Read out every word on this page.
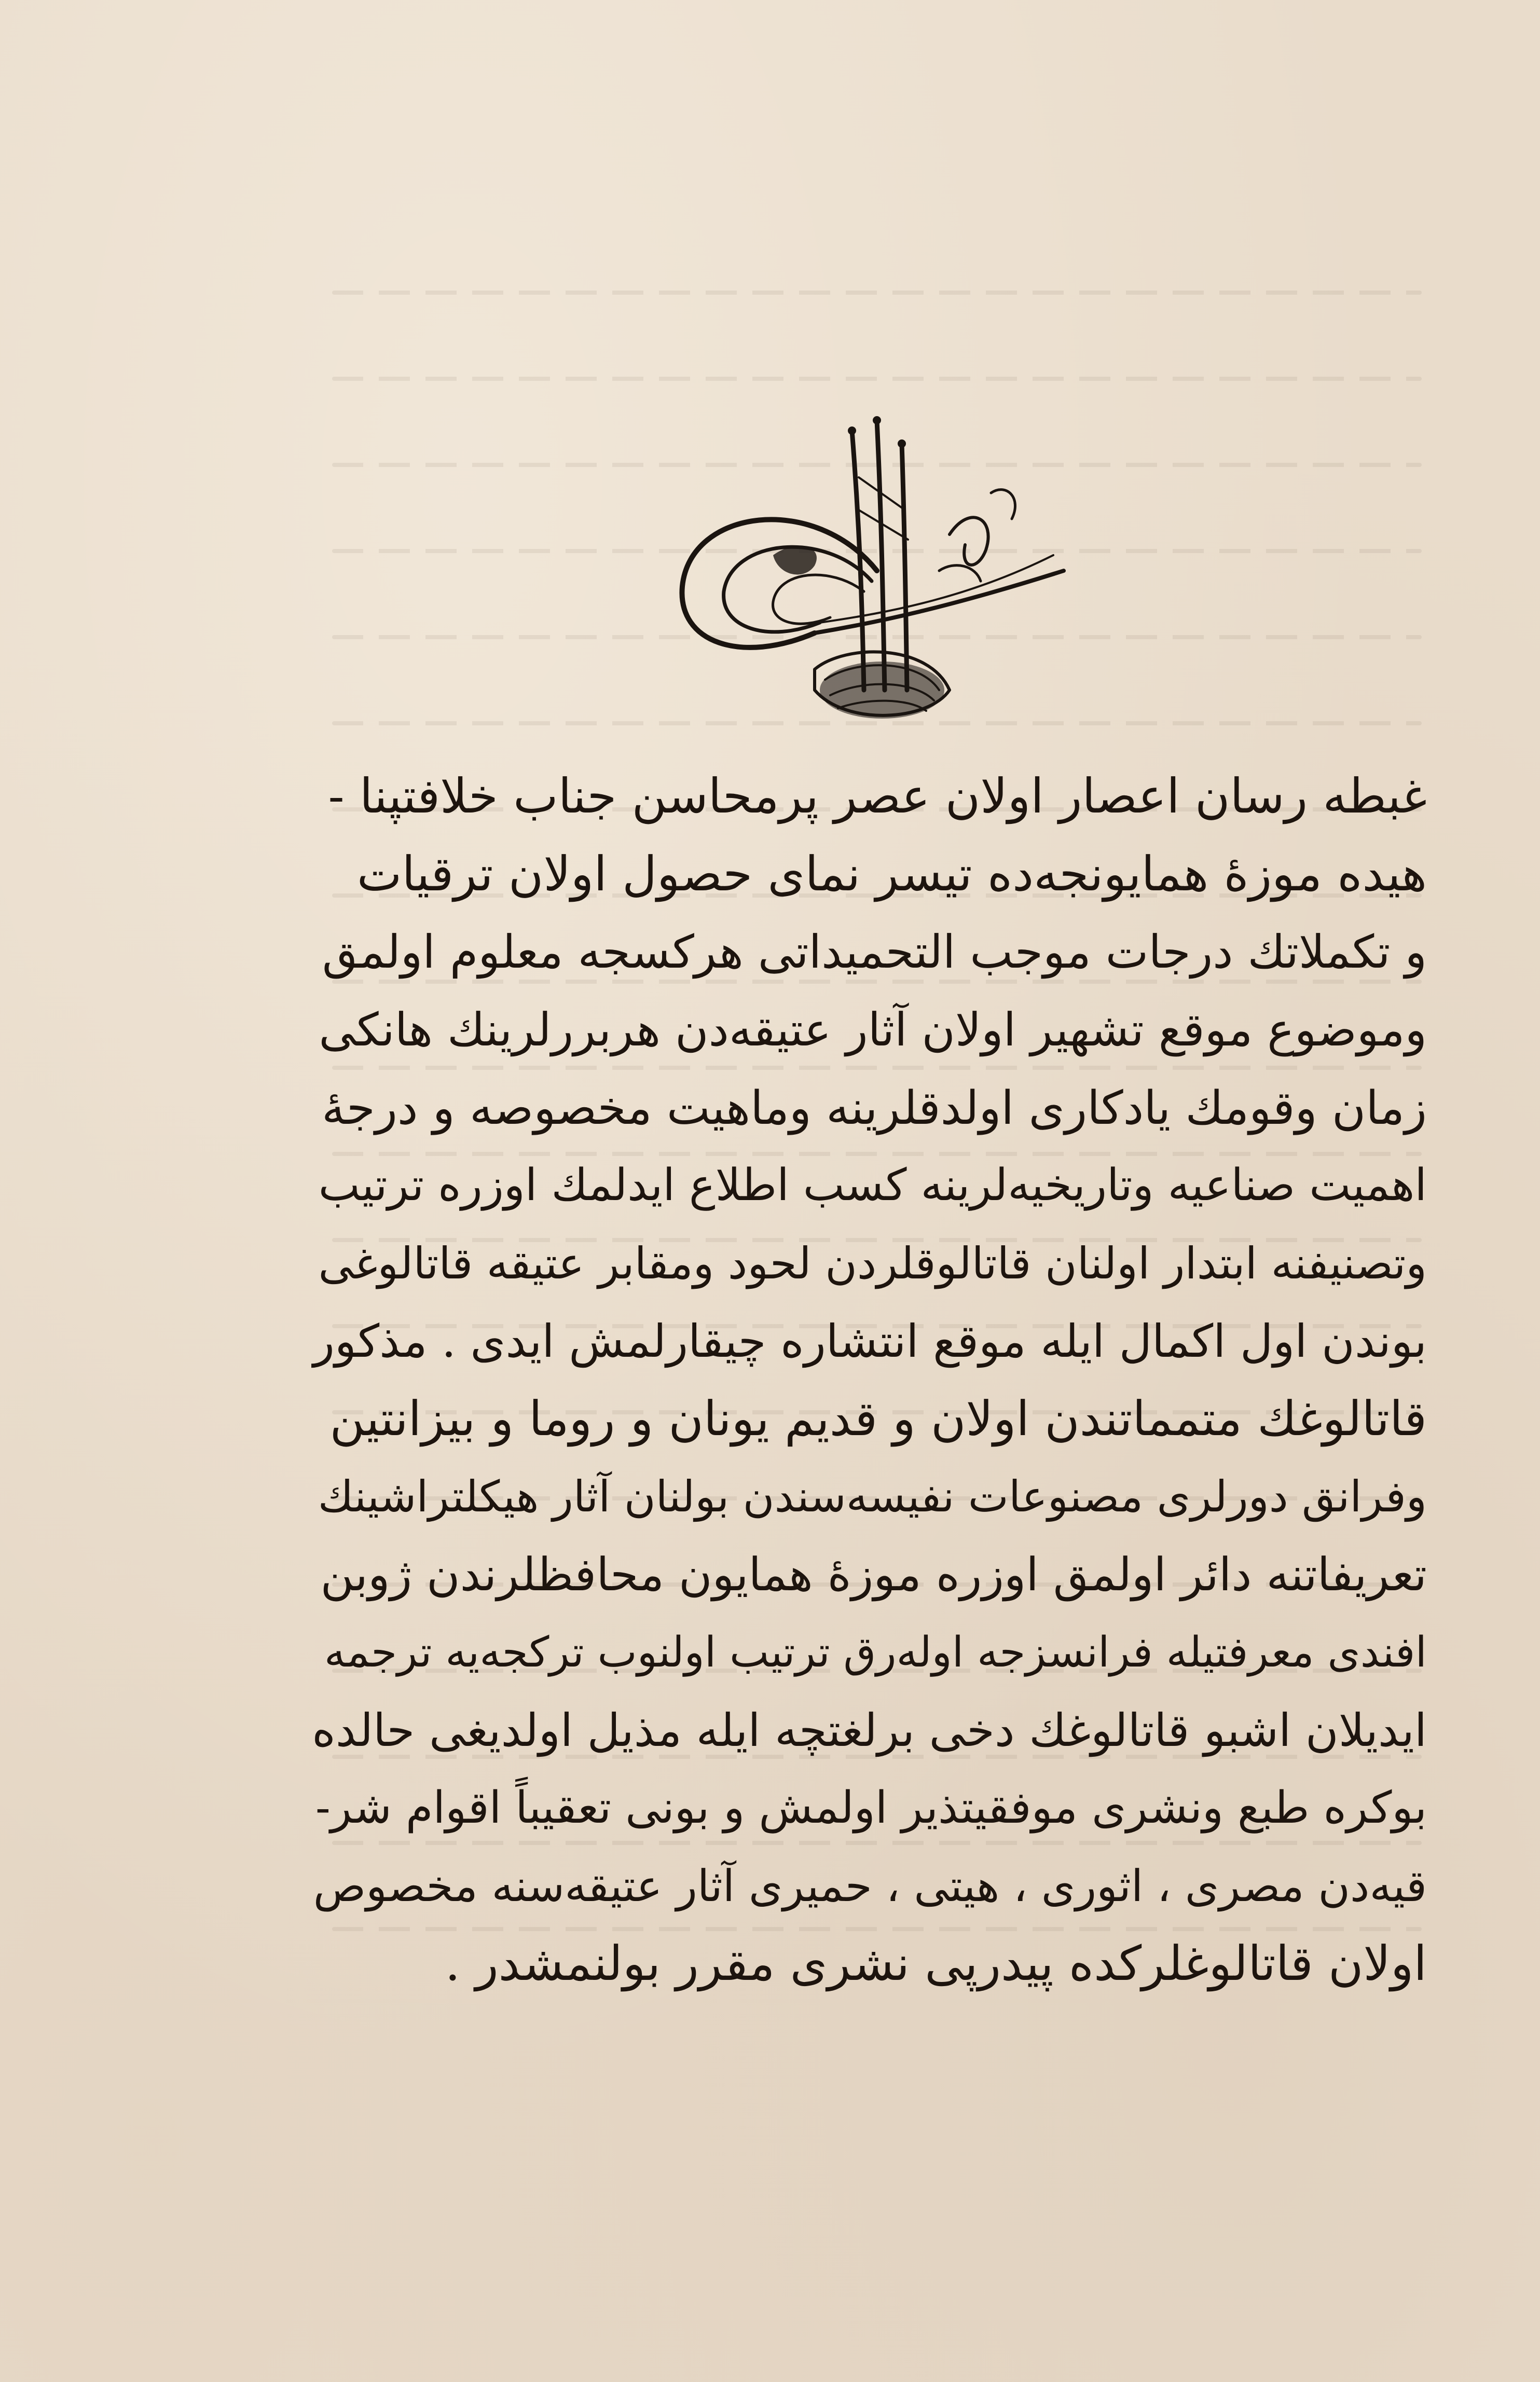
غبطه رسان اعصار اولان عصر پرمحاسن جناب خلافتپنا -
هیده موزهٔ همایونجه‌ده تیسر نمای حصول اولان ترقیات
و تکملاتك درجات موجب التحمیداتی هرکسجه معلوم اولمق
وموضوع موقع تشهیر اولان آثار عتیقه‌دن هربررلرینك هانکی
زمان وقومك یادکاری اولدقلرینه وماهیت مخصوصه و درجهٔ
اهمیت صناعیه وتاریخیه‌لرینه کسب اطلاع ایدلمك اوزره ترتیب
وتصنیفنه ابتدار اولنان قاتالوقلردن لحود ومقابر عتیقه قاتالوغی
بوندن اول اکمال ایله موقع انتشاره چیقارلمش ایدی . مذکور
قاتالوغك متمماتندن اولان و قدیم یونان و روما و بیزانتین
وفرانق دورلری مصنوعات نفیسه‌سندن بولنان آثار هیکلتراشینك
تعریفاتنه دائر اولمق اوزره موزهٔ همایون محافظلرندن ژوبن
افندی معرفتیله فرانسزجه اوله‌رق ترتیب اولنوب ترکجه‌یه ترجمه
ایدیلان اشبو قاتالوغك دخی برلغتچه ایله مذیل اولدیغی حالده
بوکره طبع ونشری موفقیتذیر اولمش و بونی تعقیباً اقوام شر-
قیه‌دن مصری ، اثوری ، هیتی ، حمیری آثار عتیقه‌سنه مخصوص
اولان قاتالوغلرکده پیدرپی نشری مقرر بولنمشدر .
